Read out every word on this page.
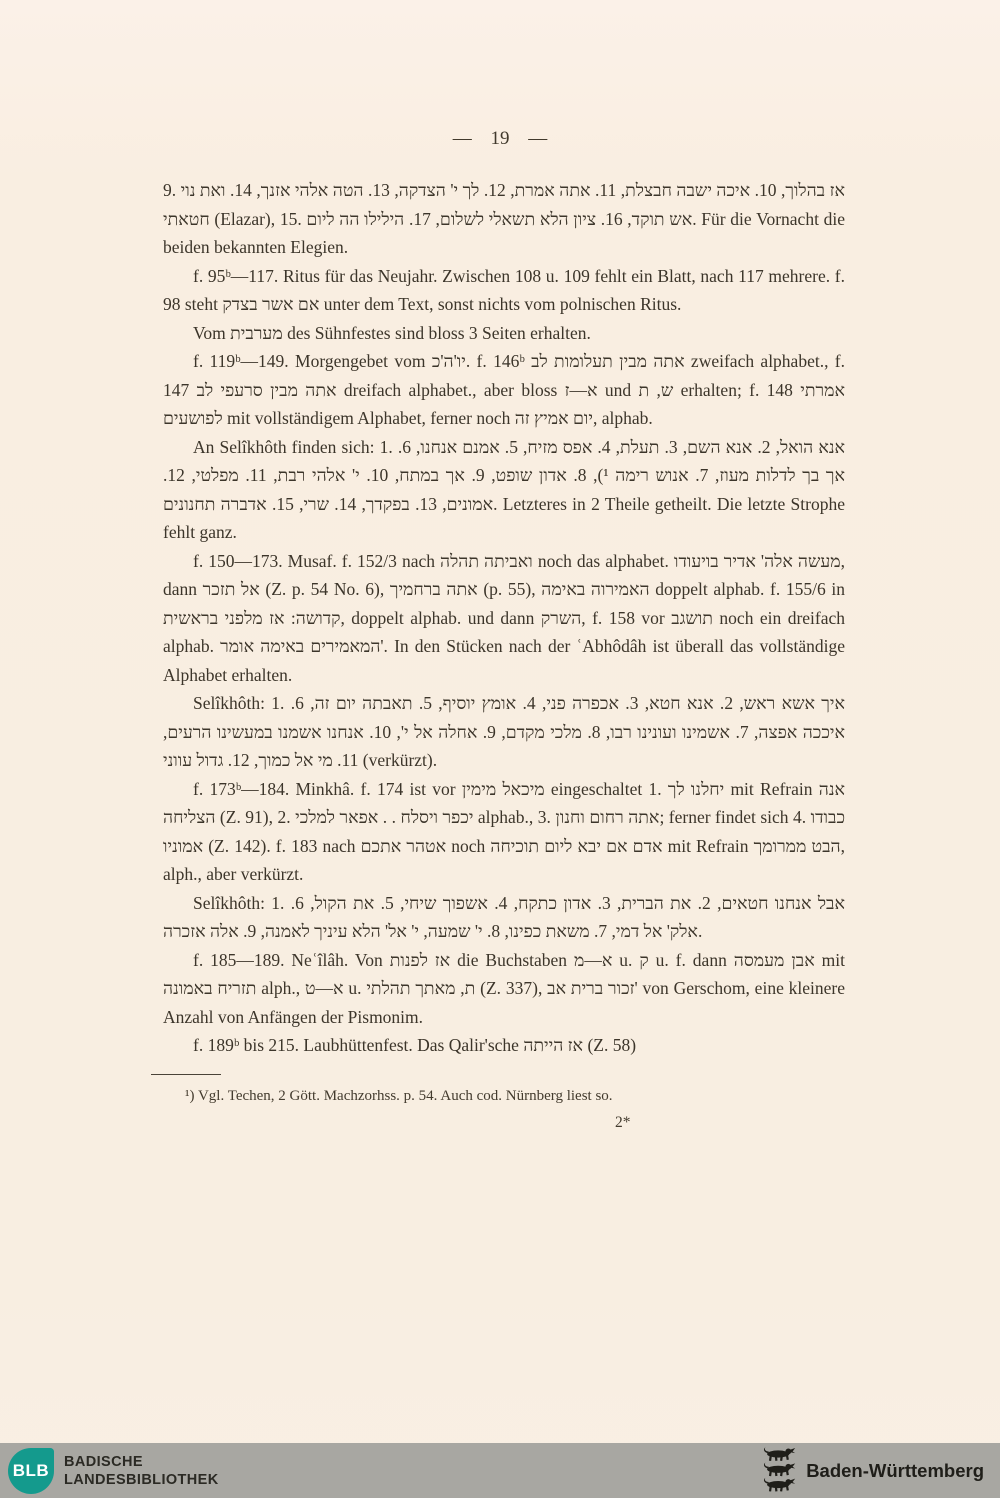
— 19 —

9. אז בהלוך, 10. איכה ישבה חבצלת, 11. אתה אמרת, 12. לך י' הצדקה, 13. הטה אלהי אזנך, 14. ואת נוי חטאתי (Elazar), 15. אש תוקד, 16. ציון הלא תשאלי לשלום, 17. הילילו הה ליום. Für die Vornacht die beiden bekannten Elegien.

f. 95ᵇ—117. Ritus für das Neujahr. Zwischen 108 u. 109 fehlt ein Blatt, nach 117 mehrere. f. 98 steht אם אשר בצדק unter dem Text, sonst nichts vom polnischen Ritus.

Vom מערבית des Sühnfestes sind bloss 3 Seiten erhalten.

f. 119ᵇ—149. Morgengebet vom יו'ה'כ. f. 146ᵇ אתה מבין תעלומות לב zweifach alphabet., f. 147 אתה מבין סרעפי לב dreifach alphabet., aber bloss א—ז und ש, ת erhalten; f. 148 אמרתי לפושעים mit vollständigem Alphabet, ferner noch יום אמיץ זה, alphab.

An Selîkhôth finden sich: 1. אנא הואל, 2. אנא השם, 3. תעלת, 4. אפס מזיח, 5. אמנם אנחנו, 6. אך בך לדלות מעוז, 7. אנוש רימה ¹), 8. אדון שופט, 9. אך במתח, 10. י' אלהי רבת, 11. מפלטי, 12. אמונים, 13. בפקדך, 14. שרי, 15. אדברה תחנונים. Letzteres in 2 Theile getheilt. Die letzte Strophe fehlt ganz.

f. 150—173. Musaf. f. 152/3 nach ואביתה תהלה noch das alphabet. מעשה אלה' אדיר בויעודו, dann אל תזכר (Z. p. 54 No. 6), אתה ברחמיך (p. 55), האמירוה באימה doppelt alphab. f. 155/6 in קדושה: אז מלפני בראשית, doppelt alphab. und dann השרק, f. 158 vor תושגב noch ein dreifach alphab. המאמירים באימה אומר'. In den Stücken nach der ʿAbhôdâh ist überall das vollständige Alphabet erhalten.

Selîkhôth: 1. איך אשא ראש, 2. אנא חטא, 3. אכפרה פני, 4. אומץ יוסיף, 5. תאבתה יום זה, 6. איככה אפצה, 7. אשמינו ועונינו רבו, 8. מלכי מקדם, 9. אחלה אל י', 10. אנחנו אשמנו במעשינו הרעים, 11. מי אל כמוך, 12. גדול עווני (verkürzt).

f. 173ᵇ—184. Minkhâ. f. 174 ist vor מיכאל מימין eingeschaltet 1. יחלנו לך mit Refrain אנה הצליחה (Z. 91), 2. יכפר ויסלח . . אפאר למלכי alphab., 3. אתה רחום וחנון; ferner findet sich 4. כבודו אמוניו (Z. 142). f. 183 nach אטהר אתכם noch אדם אם יבא ליום תוכיחה mit Refrain הבט ממרומך, alph., aber verkürzt.

Selîkhôth: 1. אבל אנחנו חטאים, 2. את הברית, 3. אדון כתקח, 4. אשפוך שיחי, 5. את הקול, 6. אלק' אל דמי, 7. משאת כפינו, 8. י' שמעה, י' אל' הלא עיניך לאמנה, 9. אלה אזכרה.

f. 185—189. Neʿîlâh. Von אז לפנות die Buchstaben א—מ u. ק u. f. dann אבן מעמסה mit תזריח באמונה alph., א—ט u. ת, מאתך תהלתי (Z. 337), זכור ברית אב' von Gerschom, eine kleinere Anzahl von Anfängen der Pismonim.

f. 189ᵇ bis 215. Laubhüttenfest. Das Qalir'sche אז הייתה (Z. 58)

¹) Vgl. Techen, 2 Gött. Machzorhss. p. 54. Auch cod. Nürnberg liest so.
2*
BLB	BADISCHE
LANDESBIBLIOTHEK	Baden-Württemberg
